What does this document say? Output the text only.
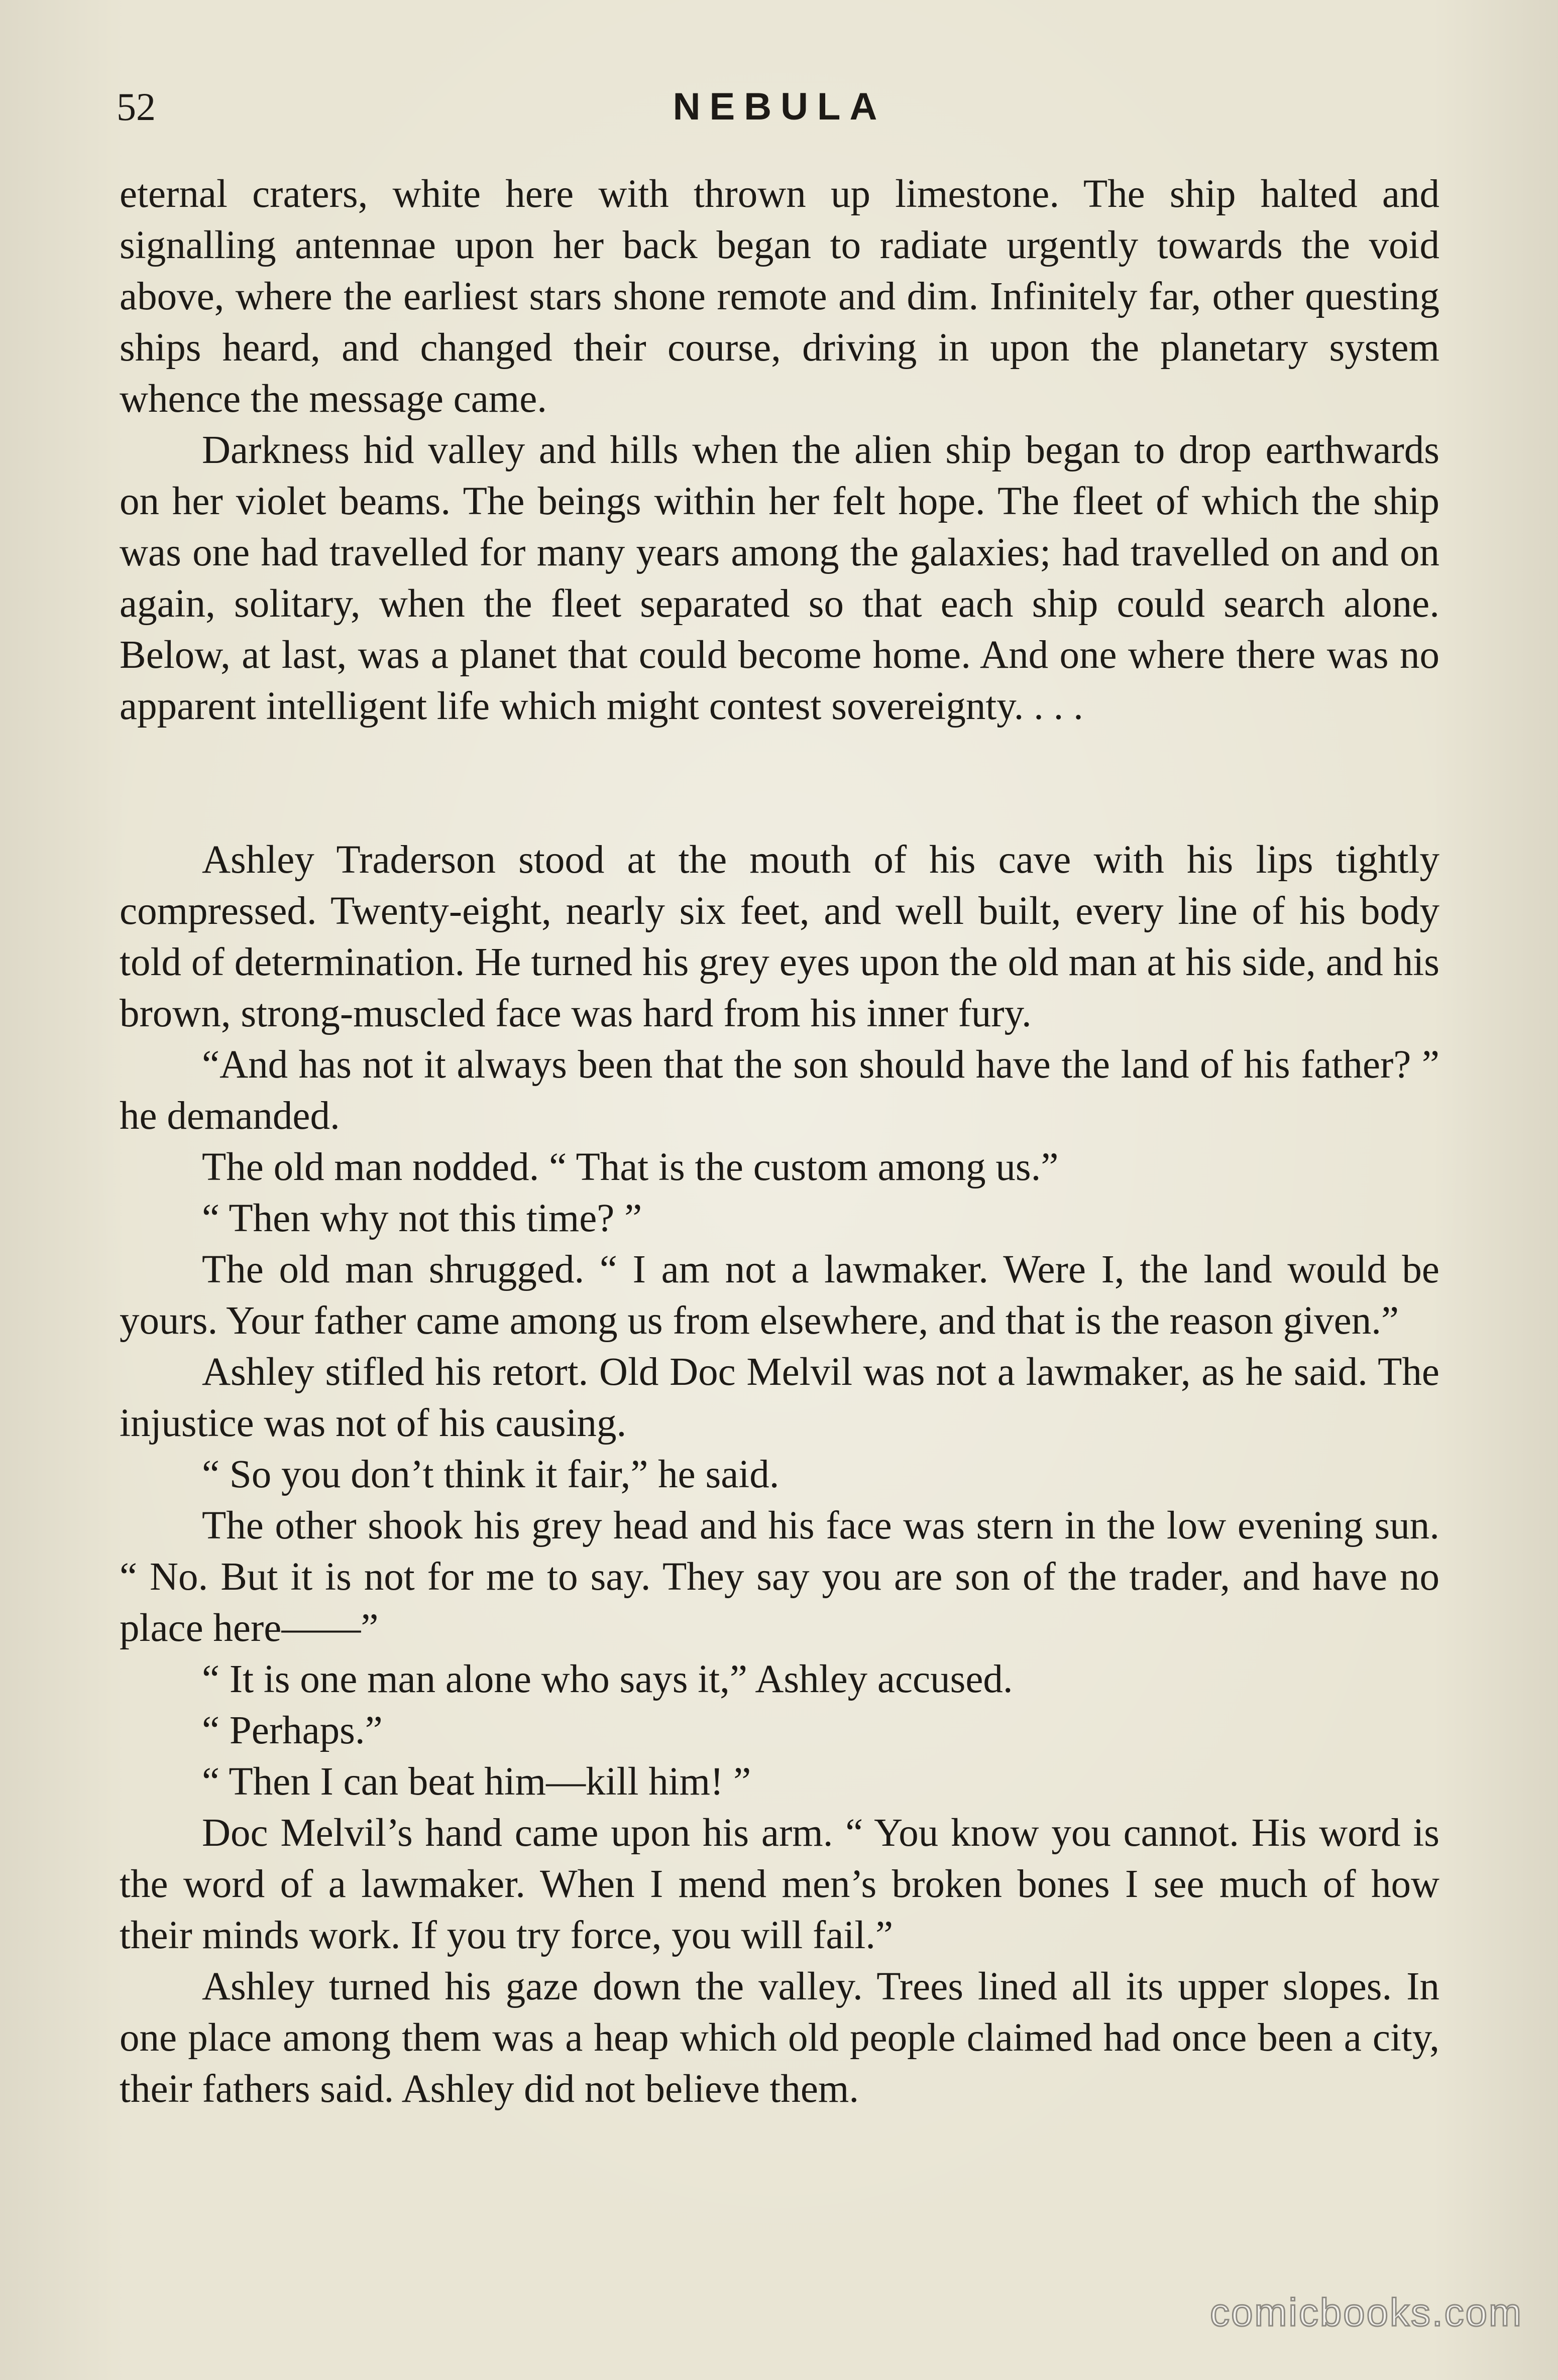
52	NEBULA

eternal craters, white here with thrown up limestone. The ship halted and signalling antennae upon her back began to radiate urgently towards the void above, where the earliest stars shone remote and dim. Infinitely far, other questing ships heard, and changed their course, driving in upon the planetary system whence the message came.

Darkness hid valley and hills when the alien ship began to drop earthwards on her violet beams. The beings within her felt hope. The fleet of which the ship was one had travelled for many years among the galaxies; had travelled on and on again, solitary, when the fleet separated so that each ship could search alone. Below, at last, was a planet that could become home. And one where there was no apparent intelligent life which might contest sovereignty. . . .

Ashley Traderson stood at the mouth of his cave with his lips tightly compressed. Twenty-eight, nearly six feet, and well built, every line of his body told of determination. He turned his grey eyes upon the old man at his side, and his brown, strong-muscled face was hard from his inner fury.

“And has not it always been that the son should have the land of his father? ” he demanded.

The old man nodded. “ That is the custom among us.”

“ Then why not this time? ”

The old man shrugged. “ I am not a lawmaker. Were I, the land would be yours. Your father came among us from elsewhere, and that is the reason given.”

Ashley stifled his retort. Old Doc Melvil was not a lawmaker, as he said. The injustice was not of his causing.

“ So you don’t think it fair,” he said.

The other shook his grey head and his face was stern in the low evening sun. “ No. But it is not for me to say. They say you are son of the trader, and have no place here——”

“ It is one man alone who says it,” Ashley accused.

“ Perhaps.”

“ Then I can beat him—kill him! ”

Doc Melvil’s hand came upon his arm. “ You know you cannot. His word is the word of a lawmaker. When I mend men’s broken bones I see much of how their minds work. If you try force, you will fail.”

Ashley turned his gaze down the valley. Trees lined all its upper slopes. In one place among them was a heap which old people claimed had once been a city, their fathers said. Ashley did not believe them.

comicbooks.com
